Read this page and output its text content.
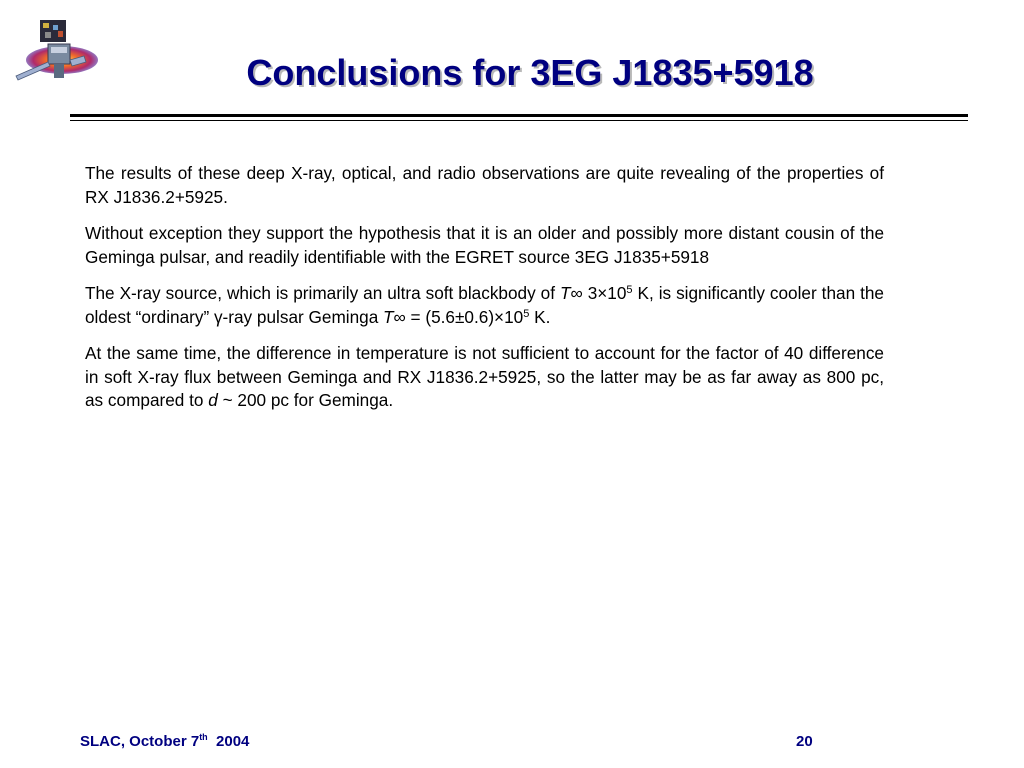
Conclusions for 3EG J1835+5918

The results of these deep X-ray, optical, and radio observations are quite revealing of the properties of RX J1836.2+5925.

Without exception they support the hypothesis that it is an older and possibly more distant cousin of the Geminga pulsar, and readily identifiable with the EGRET source 3EG J1835+5918

The X-ray source, which is primarily an ultra soft blackbody of T∞ $3\times 10^5$ K, is significantly cooler than the oldest “ordinary” γ-ray pulsar Geminga $T\infty = (5.6\pm 0.6)\times 10^5$ K.

At the same time, the difference in temperature is not sufficient to account for the factor of 40 difference in soft X-ray flux between Geminga and RX J1836.2+5925, so the latter may be as far away as 800 pc, as compared to d ~ 200 pc for Geminga.

SLAC, October 7th  2004	20
